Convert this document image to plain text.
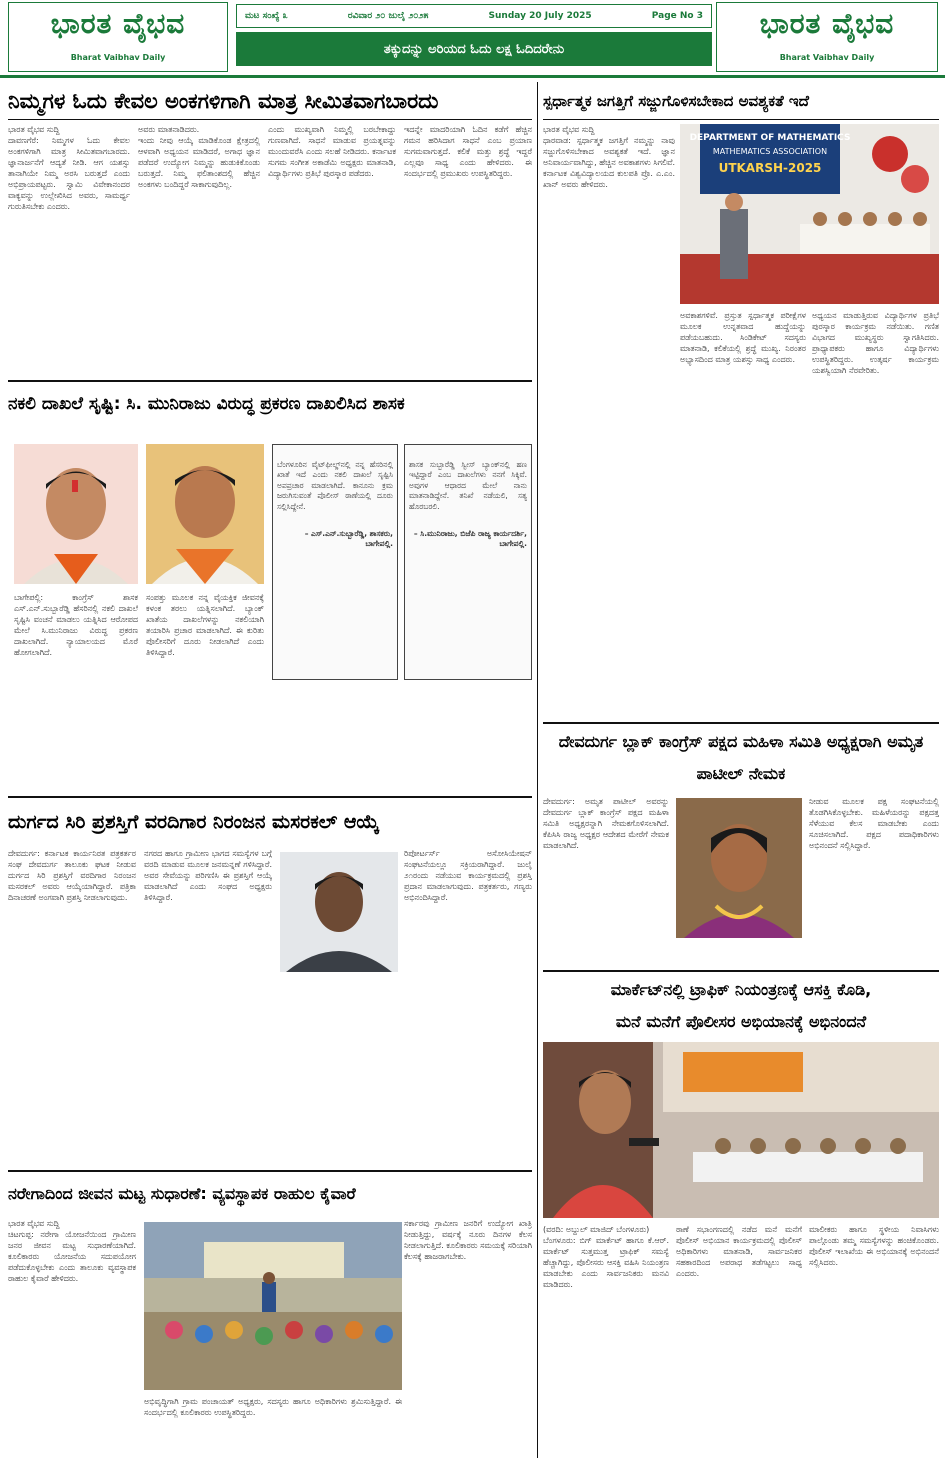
ಭಾರತ ವೈಭವ
Bharat Vaibhav Daily
ಮಟ ಸಂಖ್ಯೆ ೩	ರವಿವಾರ ೨೦ ಜುಲೈ ೨೦೨೫	Sunday 20 July 2025	Page No 3
ತಕ್ಕುದನ್ನು ಅರಿಯದ ಓದು ಲಕ್ಷ ಓದಿದರೇನು
ಭಾರತ ವೈಭವ
Bharat Vaibhav Daily
ನಿಮ್ಮಗಳ ಓದು ಕೇವಲ ಅಂಕಗಳಿಗಾಗಿ ಮಾತ್ರ ಸೀಮಿತವಾಗಬಾರದು
ಭಾರತ ವೈಭವ ಸುದ್ದಿ
ದಾವಣಗೆರೆ: ನಿಮ್ಮಗಳ ಓದು ಕೇವಲ ಅಂಕಗಳಿಗಾಗಿ ಮಾತ್ರ ಸೀಮಿತವಾಗಬಾರದು. ಜ್ಞಾನಾರ್ಜನೆಗೆ ಆದ್ಯತೆ ನೀಡಿ. ಆಗ ಯಶಸ್ಸು ತಾನಾಗಿಯೇ ನಿಮ್ಮ ಅರಸಿ ಬರುತ್ತದೆ ಎಂದು ಅಭಿಪ್ರಾಯಪಟ್ಟರು. ಸ್ವಾಮಿ ವಿವೇಕಾನಂದರ ವಾಕ್ಯವನ್ನು ಉಲ್ಲೇಖಿಸಿದ ಅವರು, ಸಾಮರ್ಥ್ಯ ಗುರುತಿಸಬೇಕು ಎಂದರು.
ಅವರು ಮಾತನಾಡಿದರು.
ಇಂದು ನೀವು ಆಯ್ಕೆ ಮಾಡಿಕೊಂಡ ಕ್ಷೇತ್ರದಲ್ಲಿ ಆಳವಾಗಿ ಅಧ್ಯಯನ ಮಾಡಿದರೆ, ಅಗಾಧ ಜ್ಞಾನ ಪಡೆದರೆ ಉದ್ಯೋಗ ನಿಮ್ಮನ್ನು ಹುಡುಕಿಕೊಂಡು ಬರುತ್ತದೆ. ನಿಮ್ಮ ಫಲಿತಾಂಶದಲ್ಲಿ ಹೆಚ್ಚಿನ ಅಂಕಗಳು ಬಂದಿದ್ದರೆ ಸಾಕಾಗುವುದಿಲ್ಲ.
ಎಂದು ಮುಖ್ಯವಾಗಿ ನಿಮ್ಮಲ್ಲಿ ಬರಬೇಕಾದ್ದು ಗುಣವಾಗಿದೆ. ಸಾಧನೆ ಮಾಡುವ ಪ್ರಯತ್ನವನ್ನು ಮುಂದುವರೆಸಿ ಎಂದು ಸಲಹೆ ನೀಡಿದರು. ಕರ್ನಾಟಕ ಸುಗಮ ಸಂಗೀತ ಅಕಾಡೆಮಿ ಅಧ್ಯಕ್ಷರು ಮಾತನಾಡಿ, ವಿದ್ಯಾರ್ಥಿಗಳು ಪ್ರತಿಭೆ ಪುರಸ್ಕಾರ ಪಡೆದರು.
ಇದನ್ನೇ ಮಾದರಿಯಾಗಿ ಓದಿನ ಕಡೆಗೆ ಹೆಚ್ಚಿನ ಗಮನ ಹರಿಸಿದಾಗ ಸಾಧನೆ ಎಂಬ ಪ್ರಯಾಣ ಸುಗಮವಾಗುತ್ತದೆ. ಕಲಿಕೆ ಮತ್ತು ಶ್ರದ್ಧೆ ಇದ್ದರೆ ಎಲ್ಲವೂ ಸಾಧ್ಯ ಎಂದು ಹೇಳಿದರು. ಈ ಸಂದರ್ಭದಲ್ಲಿ ಪ್ರಮುಖರು ಉಪಸ್ಥಿತರಿದ್ದರು.
ಸ್ಪರ್ಧಾತ್ಮಕ ಜಗತ್ತಿಗೆ ಸಜ್ಜುಗೊಳಿಸಬೇಕಾದ ಅವಶ್ಯಕತೆ ಇದೆ
ಭಾರತ ವೈಭವ ಸುದ್ದಿ
ಧಾರವಾಡ: ಸ್ಪರ್ಧಾತ್ಮಕ ಜಗತ್ತಿಗೆ ನಮ್ಮನ್ನು ನಾವು ಸಜ್ಜುಗೊಳಿಸಬೇಕಾದ ಅವಶ್ಯಕತೆ ಇದೆ. ಜ್ಞಾನ ಅನಿವಾರ್ಯವಾಗಿದ್ದು, ಹೆಚ್ಚಿನ ಅವಕಾಶಗಳು ಸಿಗಲಿವೆ. ಕರ್ನಾಟಕ ವಿಶ್ವವಿದ್ಯಾಲಯದ ಕುಲಪತಿ ಪ್ರೊ. ಎ.ಎಂ. ಖಾನ್ ಅವರು ಹೇಳಿದರು.
DEPARTMENT OF MATHEMATICS
MATHEMATICS ASSOCIATION
UTKARSH-2025
ಅವಕಾಶಗಳಿವೆ. ಪ್ರಸ್ತುತ ಸ್ಪರ್ಧಾತ್ಮಕ ಪರೀಕ್ಷೆಗಳ ಮೂಲಕ ಉನ್ನತವಾದ ಹುದ್ದೆಯನ್ನು ಪಡೆಯಬಹುದು. ಸಿಂಡಿಕೇಟ್ ಸದಸ್ಯರು ಮಾತನಾಡಿ, ಕಲಿಕೆಯಲ್ಲಿ ಶ್ರದ್ಧೆ ಮುಖ್ಯ. ನಿರಂತರ ಅಭ್ಯಾಸದಿಂದ ಮಾತ್ರ ಯಶಸ್ಸು ಸಾಧ್ಯ ಎಂದರು.
ಅಧ್ಯಯನ ಮಾಡುತ್ತಿರುವ ವಿದ್ಯಾರ್ಥಿಗಳ ಪ್ರತಿಭೆ ಪುರಸ್ಕಾರ ಕಾರ್ಯಕ್ರಮ ನಡೆಯಿತು. ಗಣಿತ ವಿಭಾಗದ ಮುಖ್ಯಸ್ಥರು ಸ್ವಾಗತಿಸಿದರು. ಪ್ರಾಧ್ಯಾಪಕರು ಹಾಗೂ ವಿದ್ಯಾರ್ಥಿಗಳು ಉಪಸ್ಥಿತರಿದ್ದರು. ಉತ್ಕರ್ಷ ಕಾರ್ಯಕ್ರಮ ಯಶಸ್ವಿಯಾಗಿ ನೆರವೇರಿತು.
ನಕಲಿ ದಾಖಲೆ ಸೃಷ್ಟಿ: ಸಿ. ಮುನಿರಾಜು ವಿರುದ್ಧ ಪ್ರಕರಣ ದಾಖಲಿಸಿದ ಶಾಸಕ

ಬೆಂಗಳೂರಿನ ವೈಟ್‌ಫೀಲ್ಡ್‌ನಲ್ಲಿ ನನ್ನ ಹೆಸರಿನಲ್ಲಿ ಖಾತೆ ಇದೆ ಎಂದು ನಕಲಿ ದಾಖಲೆ ಸೃಷ್ಟಿಸಿ ಅಪಪ್ರಚಾರ ಮಾಡಲಾಗಿದೆ. ಕಾನೂನು ಕ್ರಮ ಜರುಗಿಸುವಂತೆ ಪೊಲೀಸ್ ಠಾಣೆಯಲ್ಲಿ ದೂರು ಸಲ್ಲಿಸಿದ್ದೇನೆ.

– ಎಸ್.ಎನ್.ಸುಬ್ಬಾರೆಡ್ಡಿ, ಶಾಸಕರು, ಬಾಗೇಪಲ್ಲಿ.

ಶಾಸಕ ಸುಬ್ಬಾರೆಡ್ಡಿ ಸ್ವೀಸ್ ಬ್ಯಾಂಕ್‌ನಲ್ಲಿ ಹಣ ಇಟ್ಟಿದ್ದಾರೆ ಎಂಬ ದಾಖಲೆಗಳು ನನಗೆ ಸಿಕ್ಕಿವೆ. ಅವುಗಳ ಆಧಾರದ ಮೇಲೆ ನಾನು ಮಾತನಾಡಿದ್ದೇನೆ. ತನಿಖೆ ನಡೆಯಲಿ, ಸತ್ಯ ಹೊರಬರಲಿ.

– ಸಿ.ಮುನಿರಾಜು, ಬಿಜೆಪಿ ರಾಜ್ಯ ಕಾರ್ಯದರ್ಶಿ, ಬಾಗೇಪಲ್ಲಿ.

ಬಾಗೇಪಲ್ಲಿ: ಕಾಂಗ್ರೆಸ್ ಶಾಸಕ ಎಸ್.ಎನ್.ಸುಬ್ಬಾರೆಡ್ಡಿ ಹೆಸರಿನಲ್ಲಿ ನಕಲಿ ದಾಖಲೆ ಸೃಷ್ಟಿಸಿ ವಂಚನೆ ಮಾಡಲು ಯತ್ನಿಸಿದ ಆರೋಪದ ಮೇಲೆ ಸಿ.ಮುನಿರಾಜು ವಿರುದ್ಧ ಪ್ರಕರಣ ದಾಖಲಾಗಿದೆ. ನ್ಯಾಯಾಲಯದ ಮೊರೆ ಹೋಗಲಾಗಿದೆ.
ಸಂಪತ್ತು ಮೂಲಕ ನನ್ನ ವೈಯಕ್ತಿಕ ಜೀವನಕ್ಕೆ ಕಳಂಕ ತರಲು ಯತ್ನಿಸಲಾಗಿದೆ. ಬ್ಯಾಂಕ್ ಖಾತೆಯ ದಾಖಲೆಗಳನ್ನು ನಕಲಿಯಾಗಿ ತಯಾರಿಸಿ ಪ್ರಚಾರ ಮಾಡಲಾಗಿದೆ. ಈ ಕುರಿತು ಪೊಲೀಸರಿಗೆ ದೂರು ನೀಡಲಾಗಿದೆ ಎಂದು ತಿಳಿಸಿದ್ದಾರೆ.
ದೇವದುರ್ಗ ಬ್ಲಾಕ್ ಕಾಂಗ್ರೆಸ್ ಪಕ್ಷದ ಮಹಿಳಾ ಸಮಿತಿ ಅಧ್ಯಕ್ಷರಾಗಿ ಅಮೃತ ಪಾಟೀಲ್ ನೇಮಕ
ದೇವದುರ್ಗ: ಅಮೃತ ಪಾಟೀಲ್ ಅವರನ್ನು ದೇವದುರ್ಗ ಬ್ಲಾಕ್ ಕಾಂಗ್ರೆಸ್ ಪಕ್ಷದ ಮಹಿಳಾ ಸಮಿತಿ ಅಧ್ಯಕ್ಷರನ್ನಾಗಿ ನೇಮಕಗೊಳಿಸಲಾಗಿದೆ. ಕೆಪಿಸಿಸಿ ರಾಜ್ಯ ಅಧ್ಯಕ್ಷರ ಆದೇಶದ ಮೇರೆಗೆ ನೇಮಕ ಮಾಡಲಾಗಿದೆ.
ನೀಡುವ ಮೂಲಕ ಪಕ್ಷ ಸಂಘಟನೆಯಲ್ಲಿ ತೊಡಗಿಸಿಕೊಳ್ಳಬೇಕು. ಮಹಿಳೆಯರನ್ನು ಪಕ್ಷದತ್ತ ಸೆಳೆಯುವ ಕೆಲಸ ಮಾಡಬೇಕು ಎಂದು ಸೂಚಿಸಲಾಗಿದೆ. ಪಕ್ಷದ ಪದಾಧಿಕಾರಿಗಳು ಅಭಿನಂದನೆ ಸಲ್ಲಿಸಿದ್ದಾರೆ.
ದುರ್ಗದ ಸಿರಿ ಪ್ರಶಸ್ತಿಗೆ ವರದಿಗಾರ ನಿರಂಜನ ಮಸರಕಲ್ ಆಯ್ಕೆ
ದೇವದುರ್ಗ: ಕರ್ನಾಟಕ ಕಾರ್ಯನಿರತ ಪತ್ರಕರ್ತರ ಸಂಘ ದೇವದುರ್ಗ ತಾಲೂಕು ಘಟಕ ನೀಡುವ ದುರ್ಗದ ಸಿರಿ ಪ್ರಶಸ್ತಿಗೆ ವರದಿಗಾರ ನಿರಂಜನ ಮಸರಕಲ್ ಅವರು ಆಯ್ಕೆಯಾಗಿದ್ದಾರೆ. ಪತ್ರಿಕಾ ದಿನಾಚರಣೆ ಅಂಗವಾಗಿ ಪ್ರಶಸ್ತಿ ನೀಡಲಾಗುವುದು.
ನಗರದ ಹಾಗೂ ಗ್ರಾಮೀಣ ಭಾಗದ ಸಮಸ್ಯೆಗಳ ಬಗ್ಗೆ ವರದಿ ಮಾಡುವ ಮೂಲಕ ಜನಮನ್ನಣೆ ಗಳಿಸಿದ್ದಾರೆ. ಅವರ ಸೇವೆಯನ್ನು ಪರಿಗಣಿಸಿ ಈ ಪ್ರಶಸ್ತಿಗೆ ಆಯ್ಕೆ ಮಾಡಲಾಗಿದೆ ಎಂದು ಸಂಘದ ಅಧ್ಯಕ್ಷರು ತಿಳಿಸಿದ್ದಾರೆ.
ರಿಪೋರ್ಟರ್ಸ್ ಅಸೋಸಿಯೇಷನ್ ಸಂಘಟನೆಯಲ್ಲೂ ಸಕ್ರಿಯರಾಗಿದ್ದಾರೆ. ಜುಲೈ ೨೧ರಂದು ನಡೆಯುವ ಕಾರ್ಯಕ್ರಮದಲ್ಲಿ ಪ್ರಶಸ್ತಿ ಪ್ರದಾನ ಮಾಡಲಾಗುವುದು. ಪತ್ರಕರ್ತರು, ಗಣ್ಯರು ಅಭಿನಂದಿಸಿದ್ದಾರೆ.
ಮಾರ್ಕೆಟ್‌ನಲ್ಲಿ ಟ್ರಾಫಿಕ್ ನಿಯಂತ್ರಣಕ್ಕೆ ಆಸಕ್ತಿ ಕೊಡಿ,
ಮನೆ ಮನೆಗೆ ಪೊಲೀಸರ ಅಭಿಯಾನಕ್ಕೆ ಅಭಿನಂದನೆ
(ವರದಿ: ಅಬ್ದುಲ್ ಮಾಜಿದ್ ಬೆಂಗಳೂರು)
ಬೆಂಗಳೂರು: ಬಿಗ್ ಮಾರ್ಕೆಟ್ ಹಾಗೂ ಕೆ.ಆರ್. ಮಾರ್ಕೆಟ್ ಸುತ್ತಮುತ್ತ ಟ್ರಾಫಿಕ್ ಸಮಸ್ಯೆ ಹೆಚ್ಚಾಗಿದ್ದು, ಪೊಲೀಸರು ಆಸಕ್ತಿ ವಹಿಸಿ ನಿಯಂತ್ರಣ ಮಾಡಬೇಕು ಎಂದು ಸಾರ್ವಜನಿಕರು ಮನವಿ ಮಾಡಿದರು.
ಠಾಣೆ ಸಭಾಂಗಣದಲ್ಲಿ ನಡೆದ ಮನೆ ಮನೆಗೆ ಪೊಲೀಸ್ ಅಭಿಯಾನ ಕಾರ್ಯಕ್ರಮದಲ್ಲಿ ಪೊಲೀಸ್ ಅಧಿಕಾರಿಗಳು ಮಾತನಾಡಿ, ಸಾರ್ವಜನಿಕರ ಸಹಕಾರದಿಂದ ಅಪರಾಧ ತಡೆಗಟ್ಟಲು ಸಾಧ್ಯ ಎಂದರು.
ಮಾಲೀಕರು ಹಾಗೂ ಸ್ಥಳೀಯ ನಿವಾಸಿಗಳು ಪಾಲ್ಗೊಂಡು ತಮ್ಮ ಸಮಸ್ಯೆಗಳನ್ನು ಹಂಚಿಕೊಂಡರು. ಪೊಲೀಸ್ ಇಲಾಖೆಯ ಈ ಅಭಿಯಾನಕ್ಕೆ ಅಭಿನಂದನೆ ಸಲ್ಲಿಸಿದರು.
ನರೇಗಾದಿಂದ ಜೀವನ ಮಟ್ಟ ಸುಧಾರಣೆ: ವ್ಯವಸ್ಥಾಪಕ ರಾಹುಲ ಕೈವಾರೆ
ಭಾರತ ವೈಭವ ಸುದ್ದಿ
ಚಿಟಗುಪ್ಪ: ನರೇಗಾ ಯೋಜನೆಯಿಂದ ಗ್ರಾಮೀಣ ಜನರ ಜೀವನ ಮಟ್ಟ ಸುಧಾರಣೆಯಾಗಿದೆ. ಕೂಲಿಕಾರರು ಯೋಜನೆಯ ಸದುಪಯೋಗ ಪಡೆದುಕೊಳ್ಳಬೇಕು ಎಂದು ತಾಲೂಕು ವ್ಯವಸ್ಥಾಪಕ ರಾಹುಲ ಕೈವಾರೆ ಹೇಳಿದರು.
ಸರ್ಕಾರವು ಗ್ರಾಮೀಣ ಜನರಿಗೆ ಉದ್ಯೋಗ ಖಾತ್ರಿ ನೀಡುತ್ತಿದ್ದು, ವರ್ಷಕ್ಕೆ ನೂರು ದಿನಗಳ ಕೆಲಸ ನೀಡಲಾಗುತ್ತಿದೆ. ಕೂಲಿಕಾರರು ಸಮಯಕ್ಕೆ ಸರಿಯಾಗಿ ಕೆಲಸಕ್ಕೆ ಹಾಜರಾಗಬೇಕು.
ಅಭಿವೃದ್ಧಿಗಾಗಿ ಗ್ರಾಮ ಪಂಚಾಯತ್ ಅಧ್ಯಕ್ಷರು, ಸದಸ್ಯರು ಹಾಗೂ ಅಧಿಕಾರಿಗಳು ಶ್ರಮಿಸುತ್ತಿದ್ದಾರೆ. ಈ ಸಂದರ್ಭದಲ್ಲಿ ಕೂಲಿಕಾರರು ಉಪಸ್ಥಿತರಿದ್ದರು.
